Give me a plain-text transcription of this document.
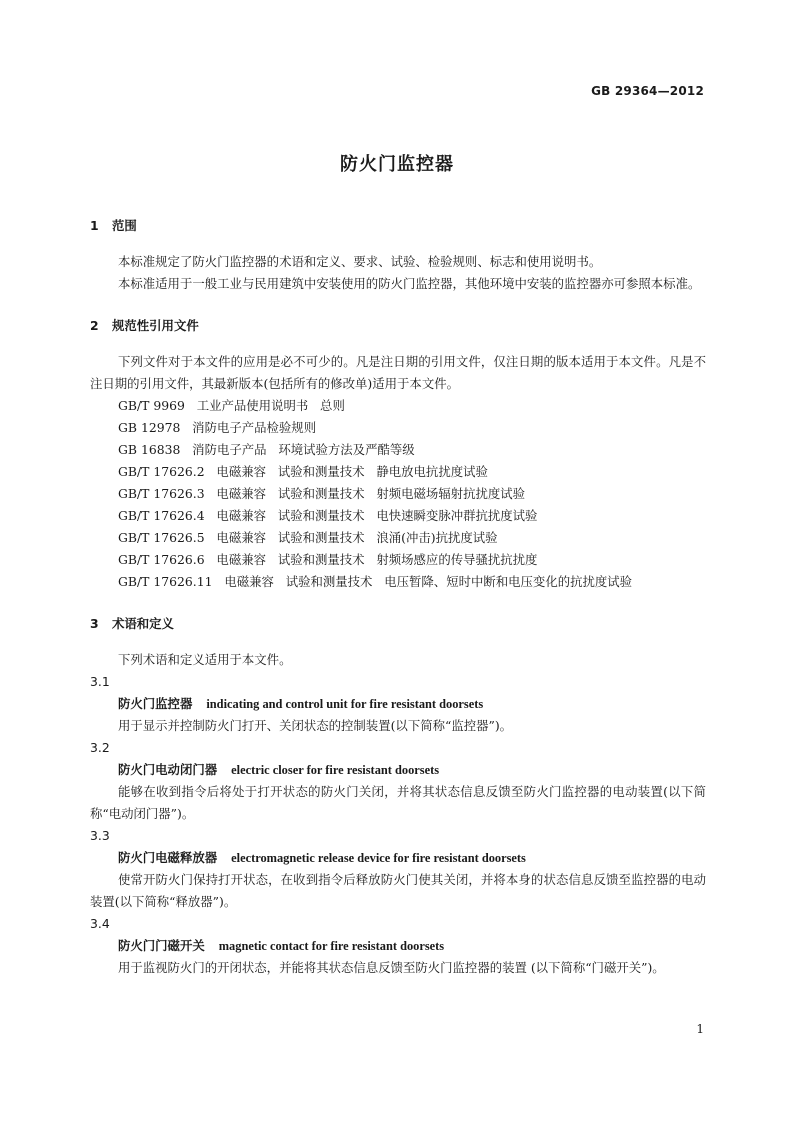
GB 29364—2012
防火门监控器

1 范围

本标准规定了防火门监控器的术语和定义、要求、试验、检验规则、标志和使用说明书。

本标准适用于一般工业与民用建筑中安装使用的防火门监控器，其他环境中安装的监控器亦可参照本标准。

2 规范性引用文件

下列文件对于本文件的应用是必不可少的。凡是注日期的引用文件，仅注日期的版本适用于本文件。凡是不注日期的引用文件，其最新版本(包括所有的修改单)适用于本文件。

GB/T 9969   工业产品使用说明书   总则

GB 12978   消防电子产品检验规则

GB 16838   消防电子产品   环境试验方法及严酷等级

GB/T 17626.2   电磁兼容   试验和测量技术   静电放电抗扰度试验

GB/T 17626.3   电磁兼容   试验和测量技术   射频电磁场辐射抗扰度试验

GB/T 17626.4   电磁兼容   试验和测量技术   电快速瞬变脉冲群抗扰度试验

GB/T 17626.5   电磁兼容   试验和测量技术   浪涌(冲击)抗扰度试验

GB/T 17626.6   电磁兼容   试验和测量技术   射频场感应的传导骚扰抗扰度

GB/T 17626.11   电磁兼容   试验和测量技术   电压暂降、短时中断和电压变化的抗扰度试验

3 术语和定义

下列术语和定义适用于本文件。

3.1

防火门监控器 indicating and control unit for fire resistant doorsets

用于显示并控制防火门打开、关闭状态的控制装置(以下简称“监控器”)。

3.2

防火门电动闭门器 electric closer for fire resistant doorsets

能够在收到指令后将处于打开状态的防火门关闭，并将其状态信息反馈至防火门监控器的电动装置(以下简称“电动闭门器”)。

3.3

防火门电磁释放器 electromagnetic release device for fire resistant doorsets

使常开防火门保持打开状态，在收到指令后释放防火门使其关闭，并将本身的状态信息反馈至监控器的电动装置(以下简称“释放器”)。

3.4

防火门门磁开关 magnetic contact for fire resistant doorsets

用于监视防火门的开闭状态，并能将其状态信息反馈至防火门监控器的装置 (以下简称“门磁开关”)。

1
